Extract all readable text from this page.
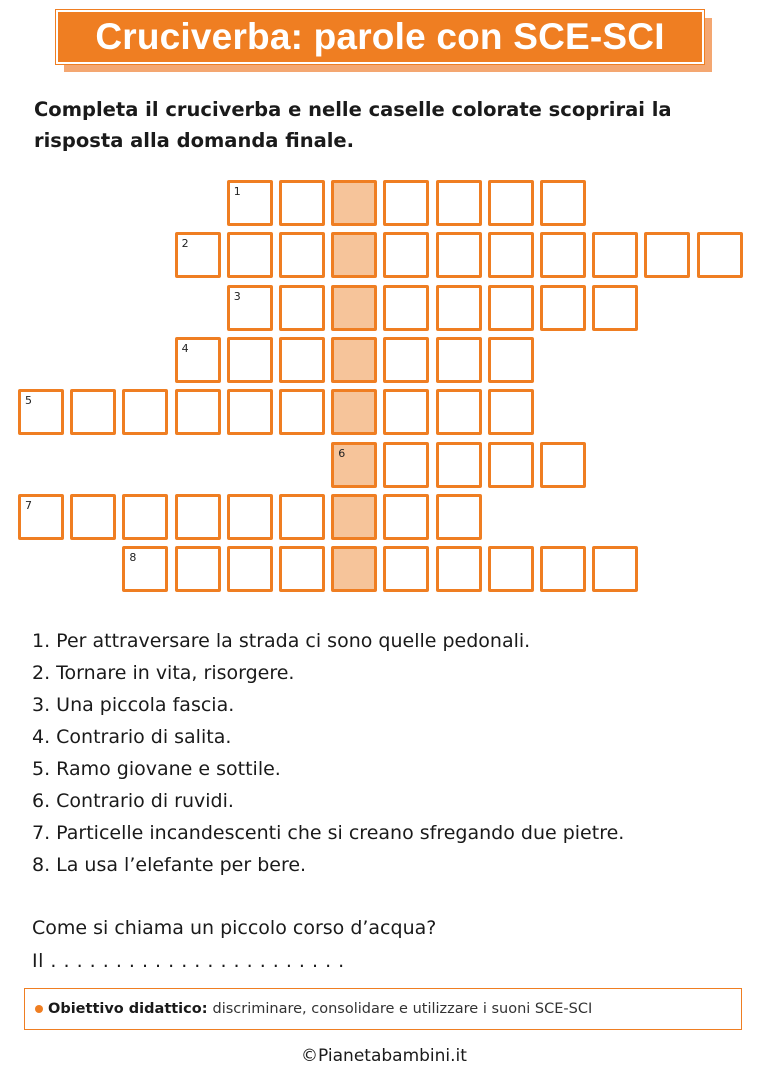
Cruciverba: parole con SCE-SCI
Completa il cruciverba e nelle caselle colorate scoprirai la risposta alla domanda finale.
1
2
3
4
5
6
7
8
1. Per attraversare la strada ci sono quelle pedonali.
2. Tornare in vita, risorgere.
3. Una piccola fascia.
4. Contrario di salita.
5. Ramo giovane e sottile.
6. Contrario di ruvidi.
7. Particelle incandescenti che si creano sfregando due pietre.
8. La usa l’elefante per bere.
Come si chiama un piccolo corso d’acqua?
Il . . . . . . . . . . . . . . . . . . . . . . .
Obiettivo didattico: discriminare, consolidare e utilizzare i suoni SCE-SCI
©Pianetabambini.it
